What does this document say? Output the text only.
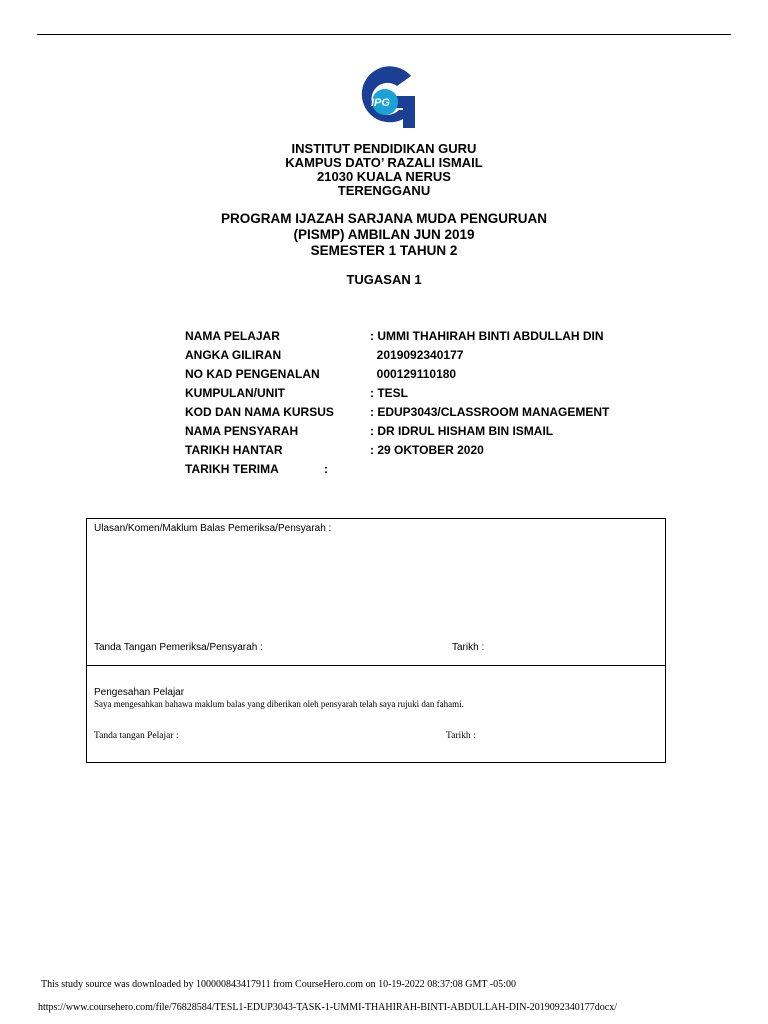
IPG
INSTITUT PENDIDIKAN GURU
KAMPUS DATO’ RAZALI ISMAIL
21030 KUALA NERUS
TERENGGANU
PROGRAM IJAZAH SARJANA MUDA PENGURUAN
(PISMP) AMBILAN JUN 2019
SEMESTER 1 TAHUN 2
TUGASAN 1
NAMA PELAJAR	: UMMI THAHIRAH BINTI ABDULLAH DIN
ANGKA GILIRAN	2019092340177
NO KAD PENGENALAN	000129110180
KUMPULAN/UNIT	: TESL
KOD DAN NAMA KURSUS	: EDUP3043/CLASSROOM MANAGEMENT
NAMA PENSYARAH	: DR IDRUL HISHAM BIN ISMAIL
TARIKH HANTAR	: 29 OKTOBER 2020
TARIKH TERIMA	:
Ulasan/Komen/Maklum Balas Pemeriksa/Pensyarah :
Tanda Tangan Pemeriksa/Pensyarah :	Tarikh :
Pengesahan Pelajar
Saya mengesahkan bahawa maklum balas yang diberikan oleh pensyarah telah saya rujuki dan fahami.
Tanda tangan Pelajar :	Tarikh :
This study source was downloaded by 100000843417911 from CourseHero.com on 10-19-2022 08:37:08 GMT -05:00
https://www.coursehero.com/file/76828584/TESL1-EDUP3043-TASK-1-UMMI-THAHIRAH-BINTI-ABDULLAH-DIN-2019092340177docx/
